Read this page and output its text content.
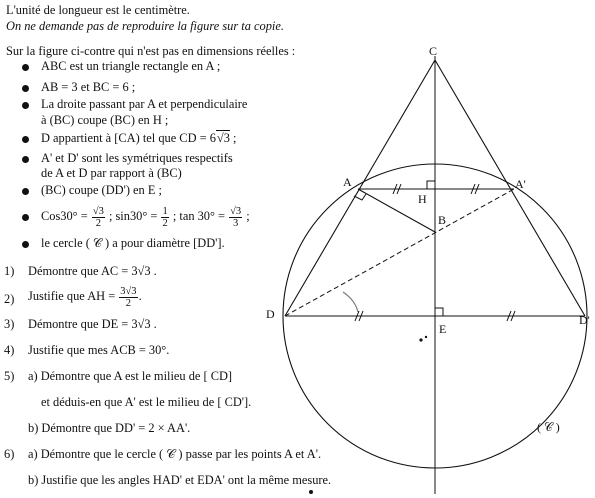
L'unité de longueur est le centimètre.
On ne demande pas de reproduire la figure sur ta copie.
Sur la figure ci-contre qui n'est pas en dimensions réelles :
ABC est un triangle rectangle en A ;
AB = 3 et BC = 6 ;
La droite passant par A et perpendiculaire
à (BC) coupe (BC) en H ;
D appartient à [CA) tel que CD = 6√3 ;
A' et D' sont les symétriques respectifs
de A et D par rapport à (BC)
(BC) coupe (DD') en E ;
$Cos30^\circ = \frac{√3}{2}$ ; $\sin 30^\circ = \frac{1}{2}$ ; $\tan 30^\circ = \frac{√3}{3}$ ;
le cercle ( 𝒞 ) a pour diamètre [DD'].
1) Démontre que AC = 3√3 .
2) Justifie que AH = $\frac{3√3}{2}$ .
3) Démontre que DE = 3√3 .
4) Justifie que mes ACB = 30°.
5) a) Démontre que A est le milieu de [ CD]
et déduis-en que A' est le milieu de [ CD'].
b) Démontre que DD' = 2 × AA'.
6) a) Démontre que le cercle ( 𝒞 ) passe par les points A et A'.
b) Justifie que les angles HAD' et EDA' ont la même mesure.
C
A	A'
H
B
D	D'
E
( 𝒞 )
